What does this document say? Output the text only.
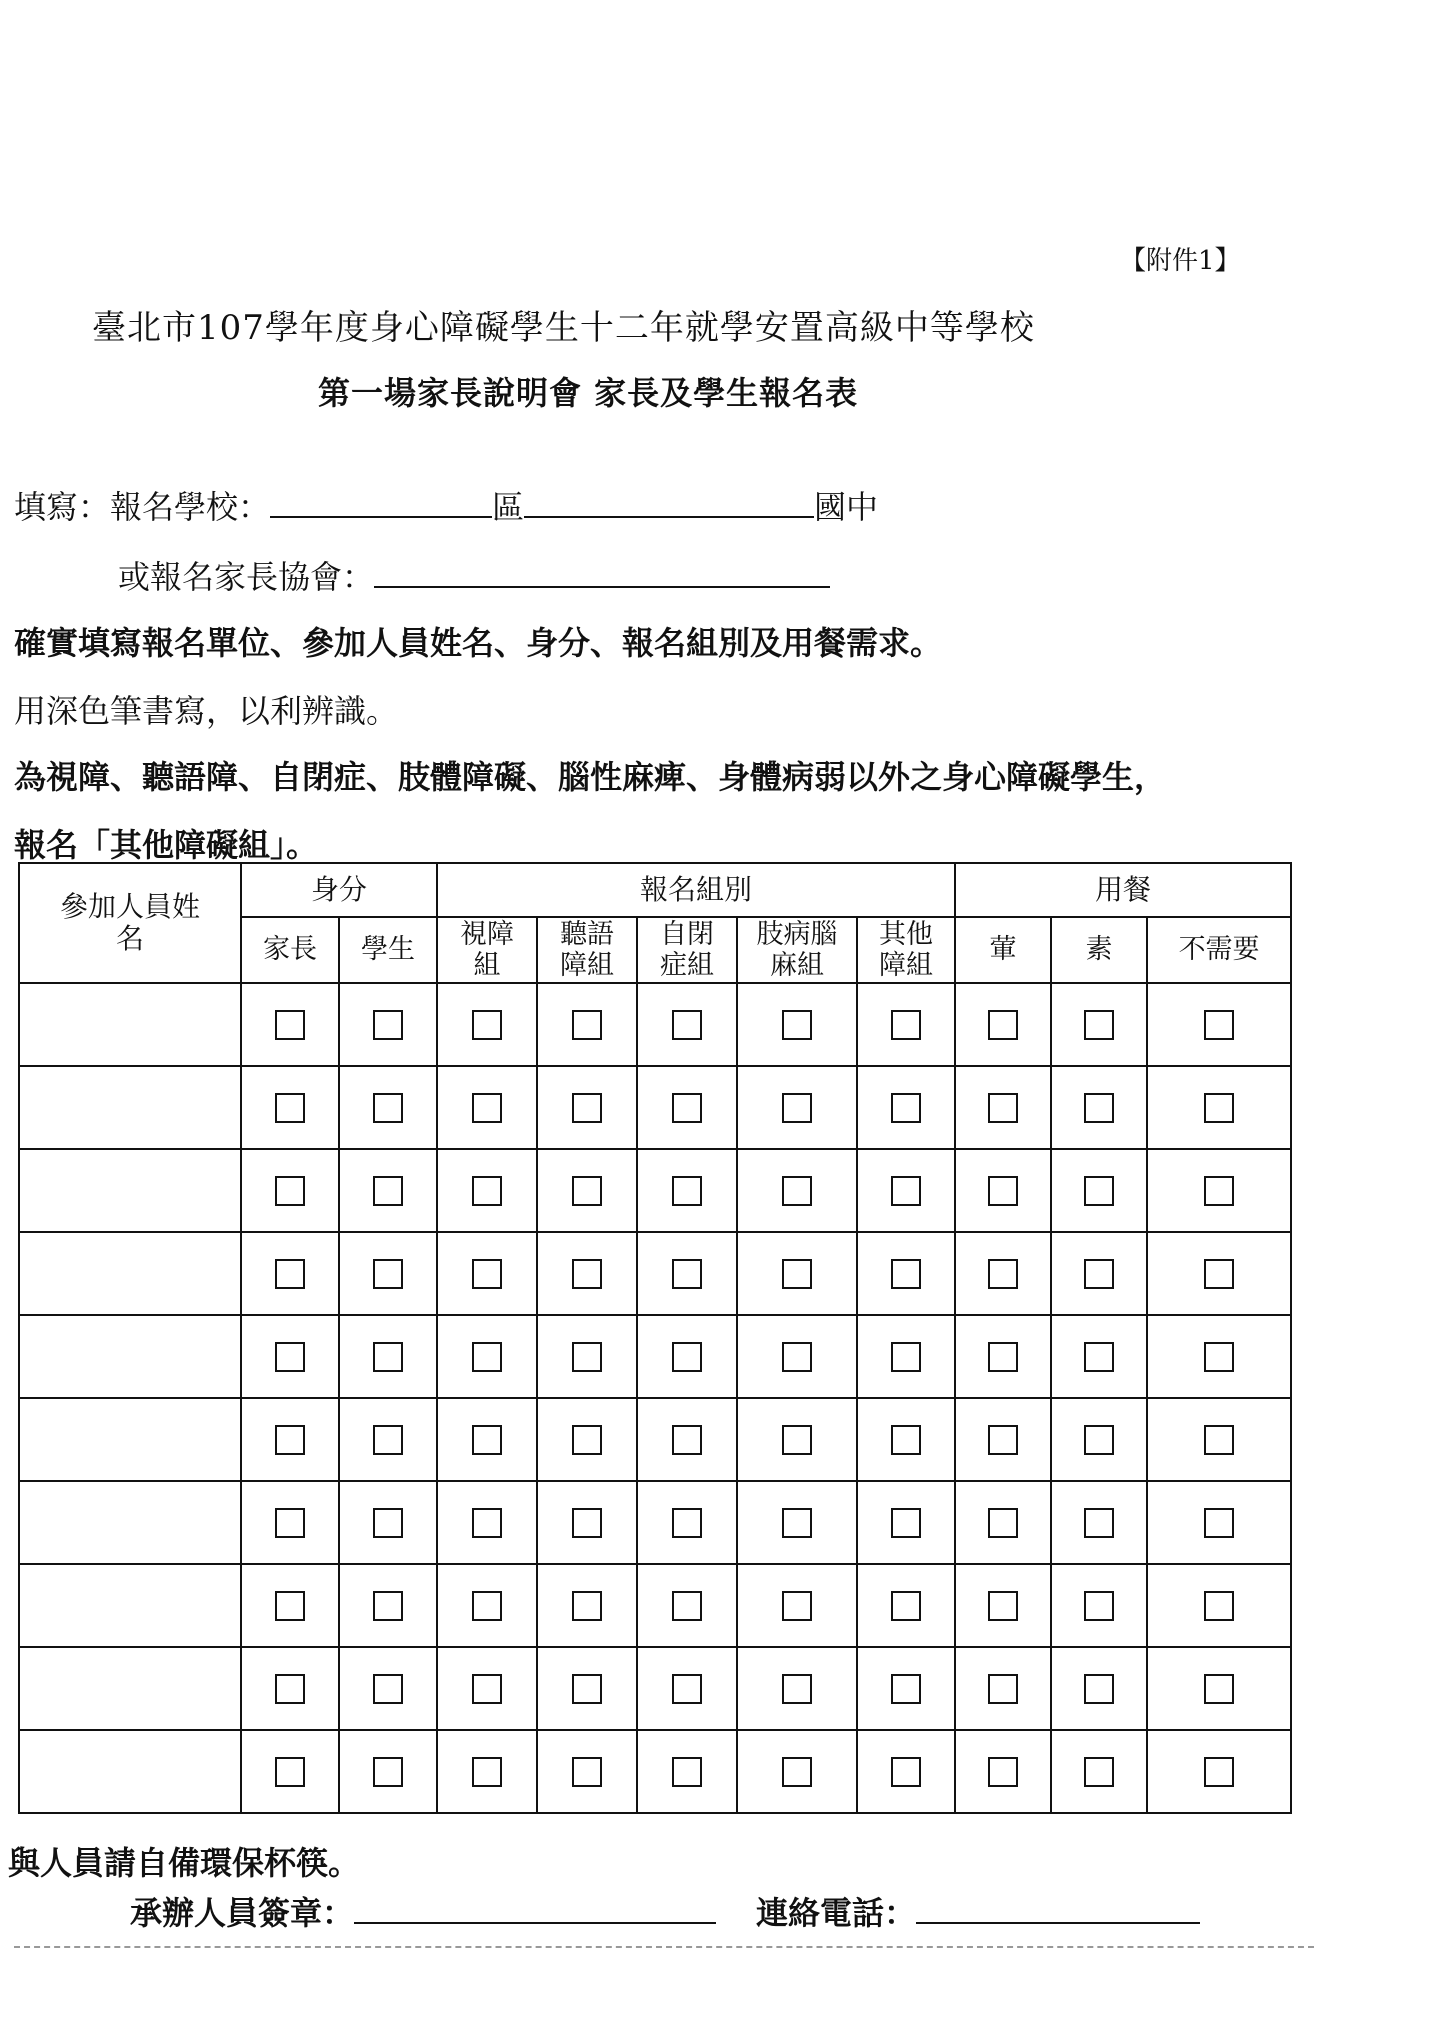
【附件1】
臺北市107學年度身心障礙學生十二年就學安置高級中等學校
第一場家長說明會 家長及學生報名表
填寫：報名學校：	區	國中
或報名家長協會：
確實填寫報名單位、參加人員姓名、身分、報名組別及用餐需求。
用深色筆書寫，以利辨識。
為視障、聽語障、自閉症、肢體障礙、腦性麻痺、身體病弱以外之身心障礙學生，
報名「其他障礙組」。
參加人員姓名	身分		報名組別					用餐		
	家長	學生	視障組	聽語障組	自閉症組	肢病腦麻組	其他障組	葷	素	不需要

與人員請自備環保杯筷。
承辦人員簽章：	連絡電話：
